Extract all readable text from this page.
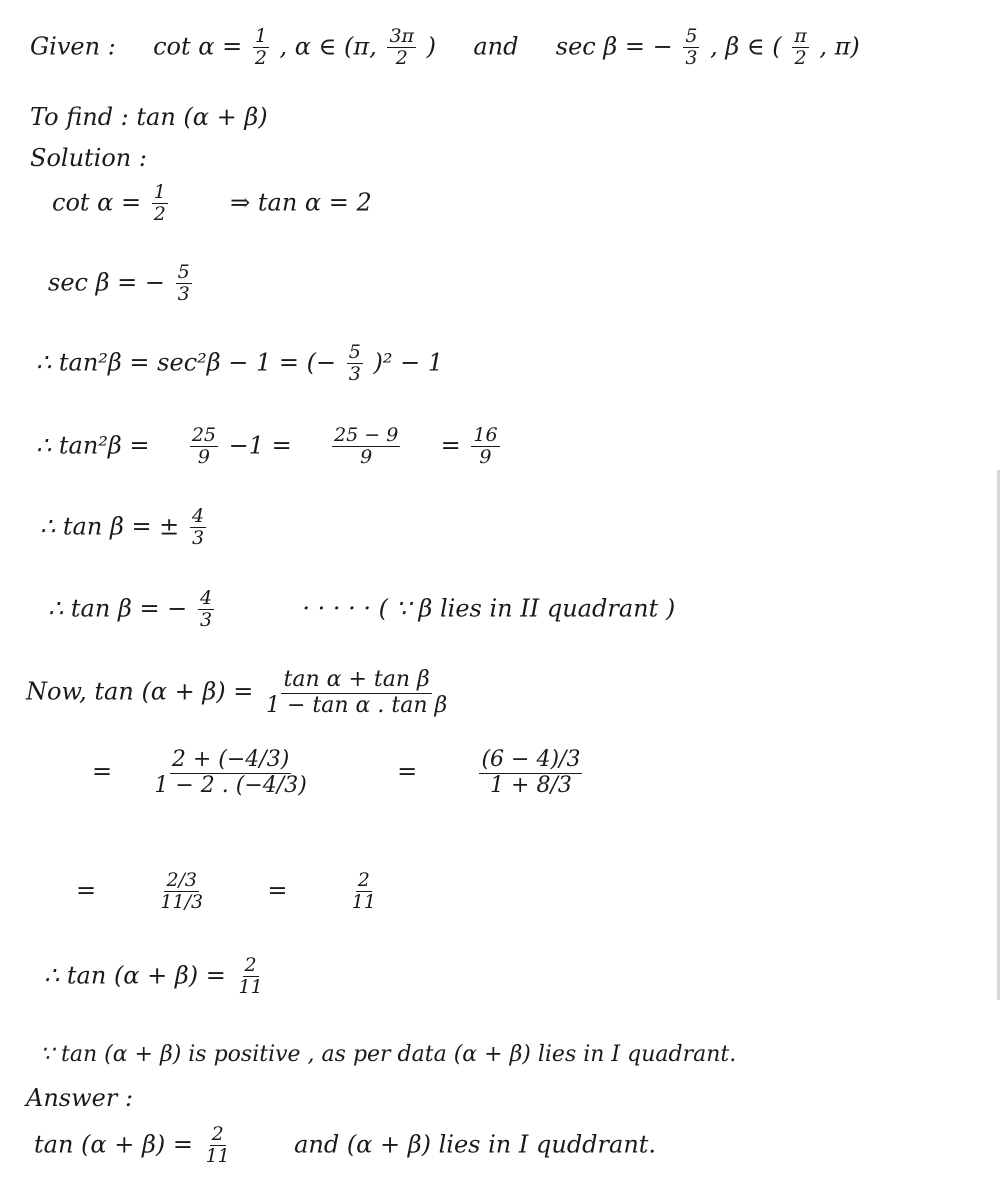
Given : $\cot \alpha = \frac{1}{2}$ , α ∈ (π, $\frac{3\pi}{2}$ ) and sec β = − $\frac{5}{3}$ , β ∈ ( $\frac{\pi}{2}$ , π)
To find : tan (α + β)
Solution :
$\cot \alpha = \frac{1}{2}$	⇒ tan α = 2
sec β = − $\frac{5}{3}$
∴ tan²β = sec²β − 1 = (− $\frac{5}{3} )^2 - 1$
∴ $\tan^2\beta = \frac{25}{9} -1 = \frac{25 - 9}{9} = \frac{16}{9}$
∴ tan β = ± $\frac{4}{3}$
∴ tan β = − $\frac{4}{3}$	· · · · · ( ∵ β lies in II quadrant )
Now, $\tan (\alpha + \beta) = \frac{\text{tan α + tan β}}{\text{1 − tan α . tan β}}$
= $\frac{2 + (-4/3)}{1 - 2 . (-4/3)}$	=	$\frac{(6 - 4)/3}{1 + 8/3}$
=	$\frac{2/3}{11/3}$	=	$\frac{2}{11}$
∴ $\tan (\alpha + \beta) = \frac{2}{11}$
∵ tan (α + β) is positive , as per data (α + β) lies in I quadrant.
Answer :
$\tan (\alpha + \beta) = \frac{2}{11}$	and (α + β) lies in I quddrant.
